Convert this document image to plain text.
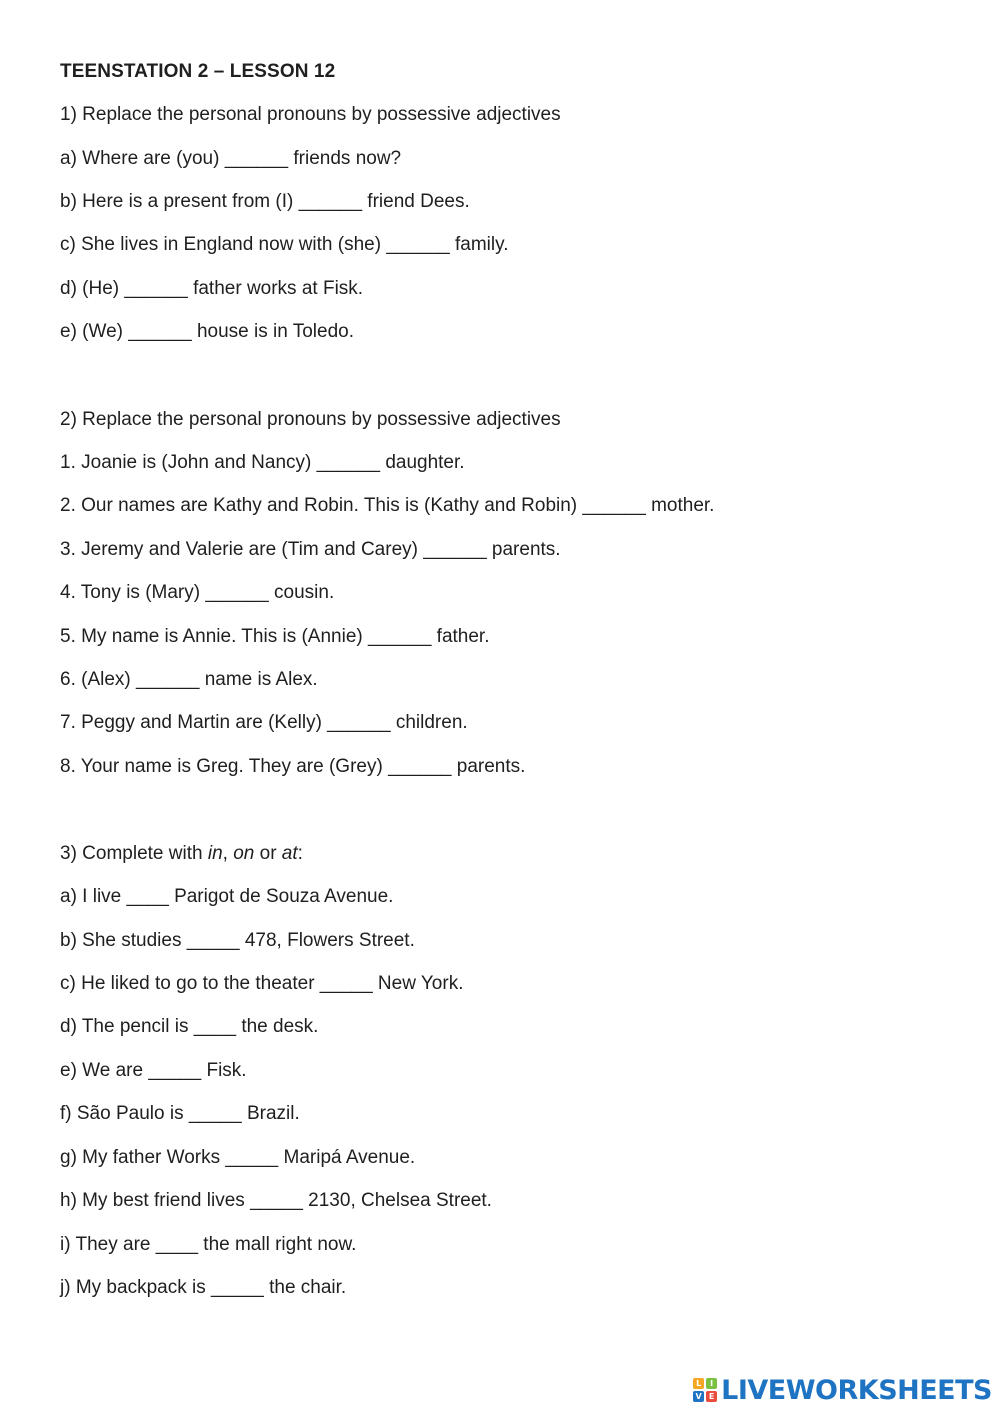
TEENSTATION 2 – LESSON 12
1) Replace the personal pronouns by possessive adjectives
a) Where are (you) ______ friends now?
b) Here is a present from (I) ______ friend Dees.
c) She lives in England now with (she) ______ family.
d) (He) ______ father works at Fisk.
e) (We) ______ house is in Toledo.
2) Replace the personal pronouns by possessive adjectives
1. Joanie is (John and Nancy) ______ daughter.
2. Our names are Kathy and Robin. This is (Kathy and Robin) ______ mother.
3. Jeremy and Valerie are (Tim and Carey) ______ parents.
4. Tony is (Mary) ______ cousin.
5. My name is Annie. This is (Annie) ______ father.
6. (Alex) ______ name is Alex.
7. Peggy and Martin are (Kelly) ______ children.
8. Your name is Greg. They are (Grey) ______ parents.
3) Complete with in, on or at:
a) I live ____ Parigot de Souza Avenue.
b) She studies _____ 478, Flowers Street.
c) He liked to go to the theater _____ New York.
d) The pencil is ____ the desk.
e) We are _____ Fisk.
f) São Paulo is _____ Brazil.
g) My father Works _____ Maripá Avenue.
h) My best friend lives _____ 2130, Chelsea Street.
i) They are ____ the mall right now.
j) My backpack is _____ the chair.
L	I
V E LIVEWORKSHEETS
